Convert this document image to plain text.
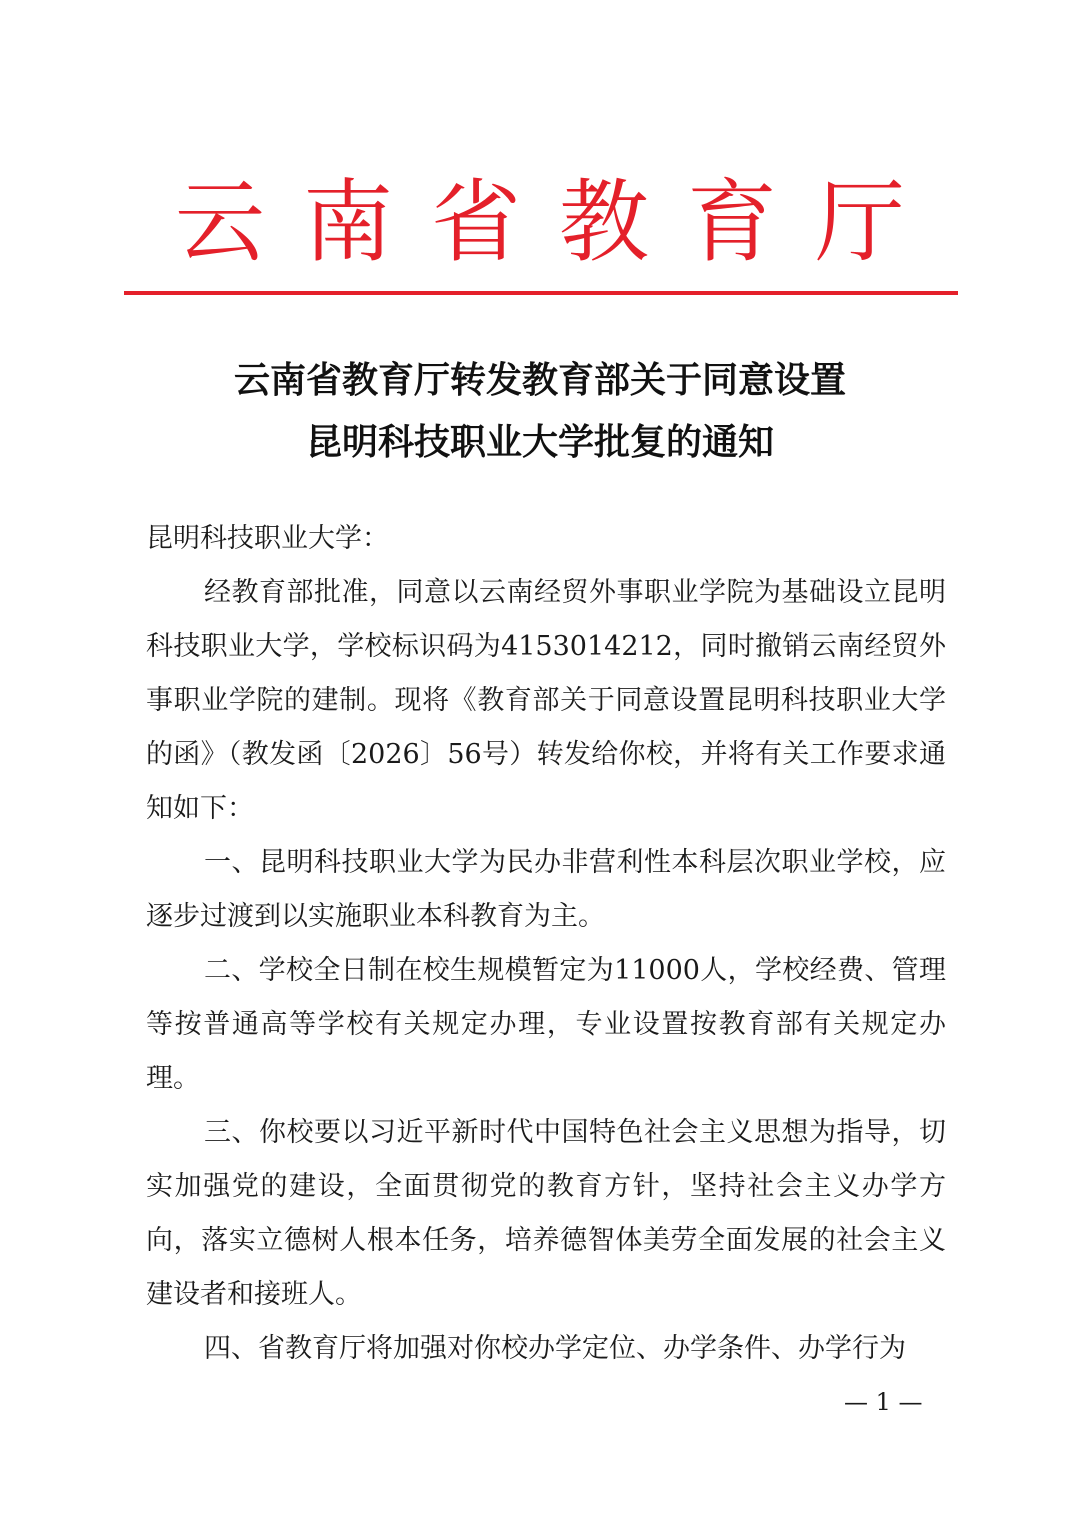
云南省教育厅
云南省教育厅转发教育部关于同意设置
昆明科技职业大学批复的通知

昆明科技职业大学：

经教育部批准，同意以云南经贸外事职业学院为基础设立昆明科技职业大学，学校标识码为4153014212，同时撤销云南经贸外事职业学院的建制。现将《教育部关于同意设置昆明科技职业大学的函》（教发函〔2026〕56号）转发给你校，并将有关工作要求通知如下：

一、昆明科技职业大学为民办非营利性本科层次职业学校，应逐步过渡到以实施职业本科教育为主。

二、学校全日制在校生规模暂定为11000人，学校经费、管理等按普通高等学校有关规定办理，专业设置按教育部有关规定办理。

三、你校要以习近平新时代中国特色社会主义思想为指导，切实加强党的建设，全面贯彻党的教育方针，坚持社会主义办学方向，落实立德树人根本任务，培养德智体美劳全面发展的社会主义建设者和接班人。

四、省教育厅将加强对你校办学定位、办学条件、办学行为

— 1 —
